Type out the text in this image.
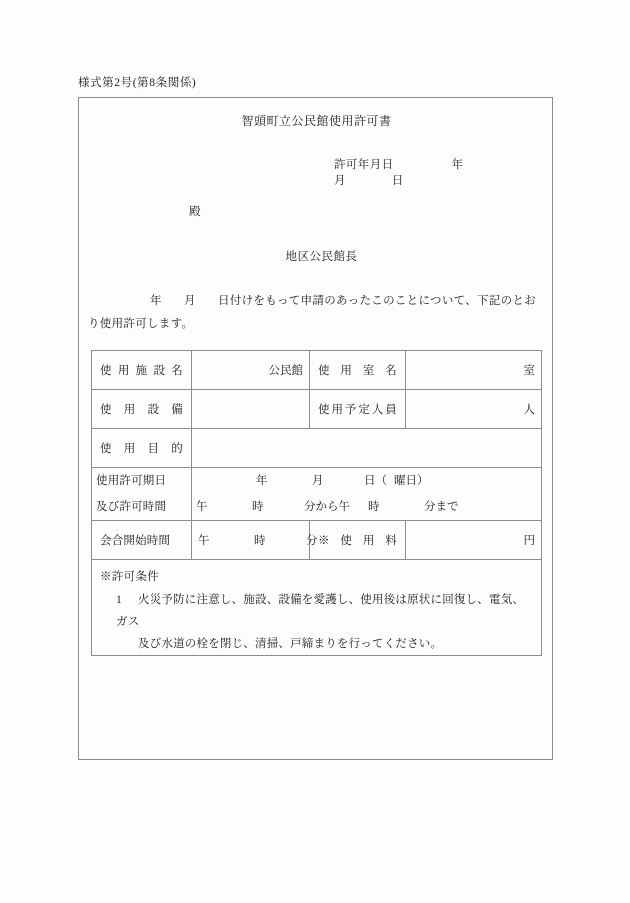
様式第2号(第8条関係)
智頭町立公民館使用許可書
許可年月日	年月	日
殿
地区公民館長
年 月 日付けをもって申請のあったこのことについて、下記のとおり使用許可します。
使用施設名	公民館	使用室名	室

使用設備		使用予定人員	人

使用目的			

使用許可期日
及び許可時間

年	月	日（ 曜日）
午	時	分から午 時	分まで

会合開始時間	午 時 分	※使用料	円

※許可条件
1 火災予防に注意し、施設、設備を愛護し、使用後は原状に回復し、電気、ガス
及び水道の栓を閉じ、清掃、戸締まりを行ってください。			
